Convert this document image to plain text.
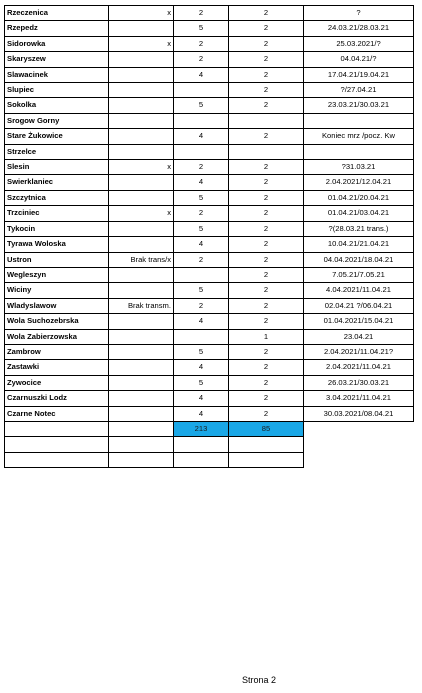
Rzeczenica	x	2	2	?
Rzepedz		5	2	24.03.21/28.03.21
Sidorowka	x	2	2	25.03.2021/?
Skaryszew		2	2	04.04.21/?
Slawacinek		4	2	17.04.21/19.04.21
Slupiec			2	?/27.04.21
Sokolka		5	2	23.03.21/30.03.21
Srogow Gorny				
Stare Żukowice		4	2	Koniec mrz /pocz. Kw
Strzelce				
Slesin	x	2	2	?31.03.21
Swierklaniec		4	2	2.04.2021/12.04.21
Szczytnica		5	2	01.04.21/20.04.21
Trzciniec	x	2	2	01.04.21/03.04.21
Tykocin		5	2	?(28.03.21 trans.)
Tyrawa Woloska		4	2	10.04.21/21.04.21
Ustron	Brak trans/x	2	2	04.04.2021/18.04.21
Wegleszyn			2	7.05.21/7.05.21
Wiciny		5	2	4.04.2021/11.04.21
Wladyslawow	Brak transm.	2	2	02.04.21 ?/06.04.21
Wola Suchozebrska		4	2	01.04.2021/15.04.21
Wola Zabierzowska			1	23.04.21
Zambrow		5	2	2.04.2021/11.04.21?
Zastawki		4	2	2.04.2021/11.04.21
Zywocice		5	2	26.03.21/30.03.21
Czarnuszki Lodz		4	2	3.04.2021/11.04.21
Czarne Notec		4	2	30.03.2021/08.04.21
		213	85	

Strona 2
